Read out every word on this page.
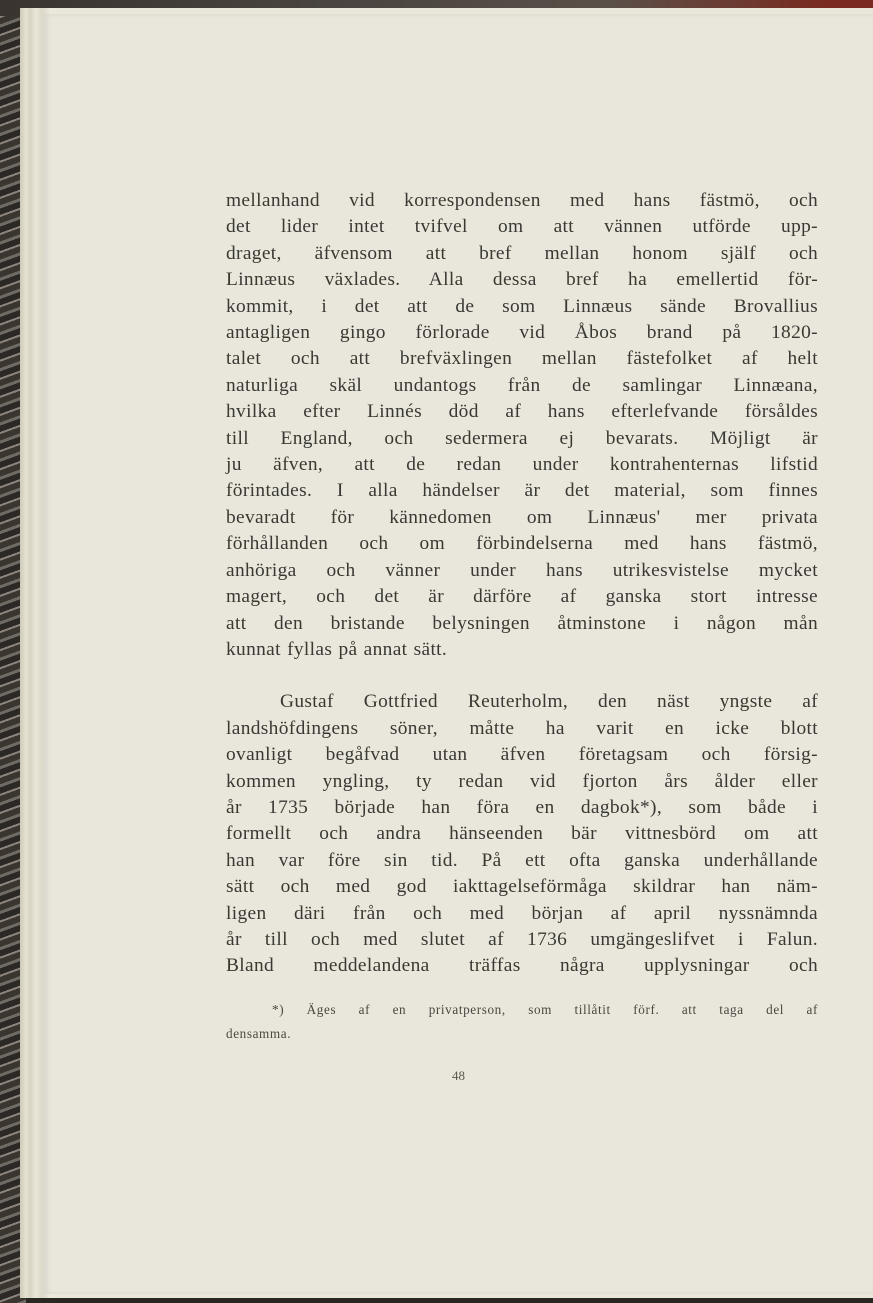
mellanhand vid korrespondensen med hans fästmö, och
det lider intet tvifvel om att vännen utförde upp-
draget, äfvensom att bref mellan honom själf och
Linnæus växlades. Alla dessa bref ha emellertid för-
kommit, i det att de som Linnæus sände Brovallius
antagligen gingo förlorade vid Åbos brand på 1820-
talet och att brefväxlingen mellan fästefolket af helt
naturliga skäl undantogs från de samlingar Linnæana,
hvilka efter Linnés död af hans efterlefvande försåldes
till England, och sedermera ej bevarats. Möjligt är
ju äfven, att de redan under kontrahenternas lifstid
förintades. I alla händelser är det material, som finnes
bevaradt för kännedomen om Linnæus' mer privata
förhållanden och om förbindelserna med hans fästmö,
anhöriga och vänner under hans utrikesvistelse mycket
magert, och det är därföre af ganska stort intresse
att den bristande belysningen åtminstone i någon mån
kunnat fyllas på annat sätt.
Gustaf Gottfried Reuterholm, den näst yngste af
landshöfdingens söner, måtte ha varit en icke blott
ovanligt begåfvad utan äfven företagsam och försig-
kommen yngling, ty redan vid fjorton års ålder eller
år 1735 började han föra en dagbok*), som både i
formellt och andra hänseenden bär vittnesbörd om att
han var före sin tid. På ett ofta ganska underhållande
sätt och med god iakttagelseförmåga skildrar han näm-
ligen däri från och med början af april nyssnämnda
år till och med slutet af 1736 umgängeslifvet i Falun.
Bland meddelandena träffas några upplysningar och
*) Äges af en privatperson, som tillåtit förf. att taga del af
densamma.
48
